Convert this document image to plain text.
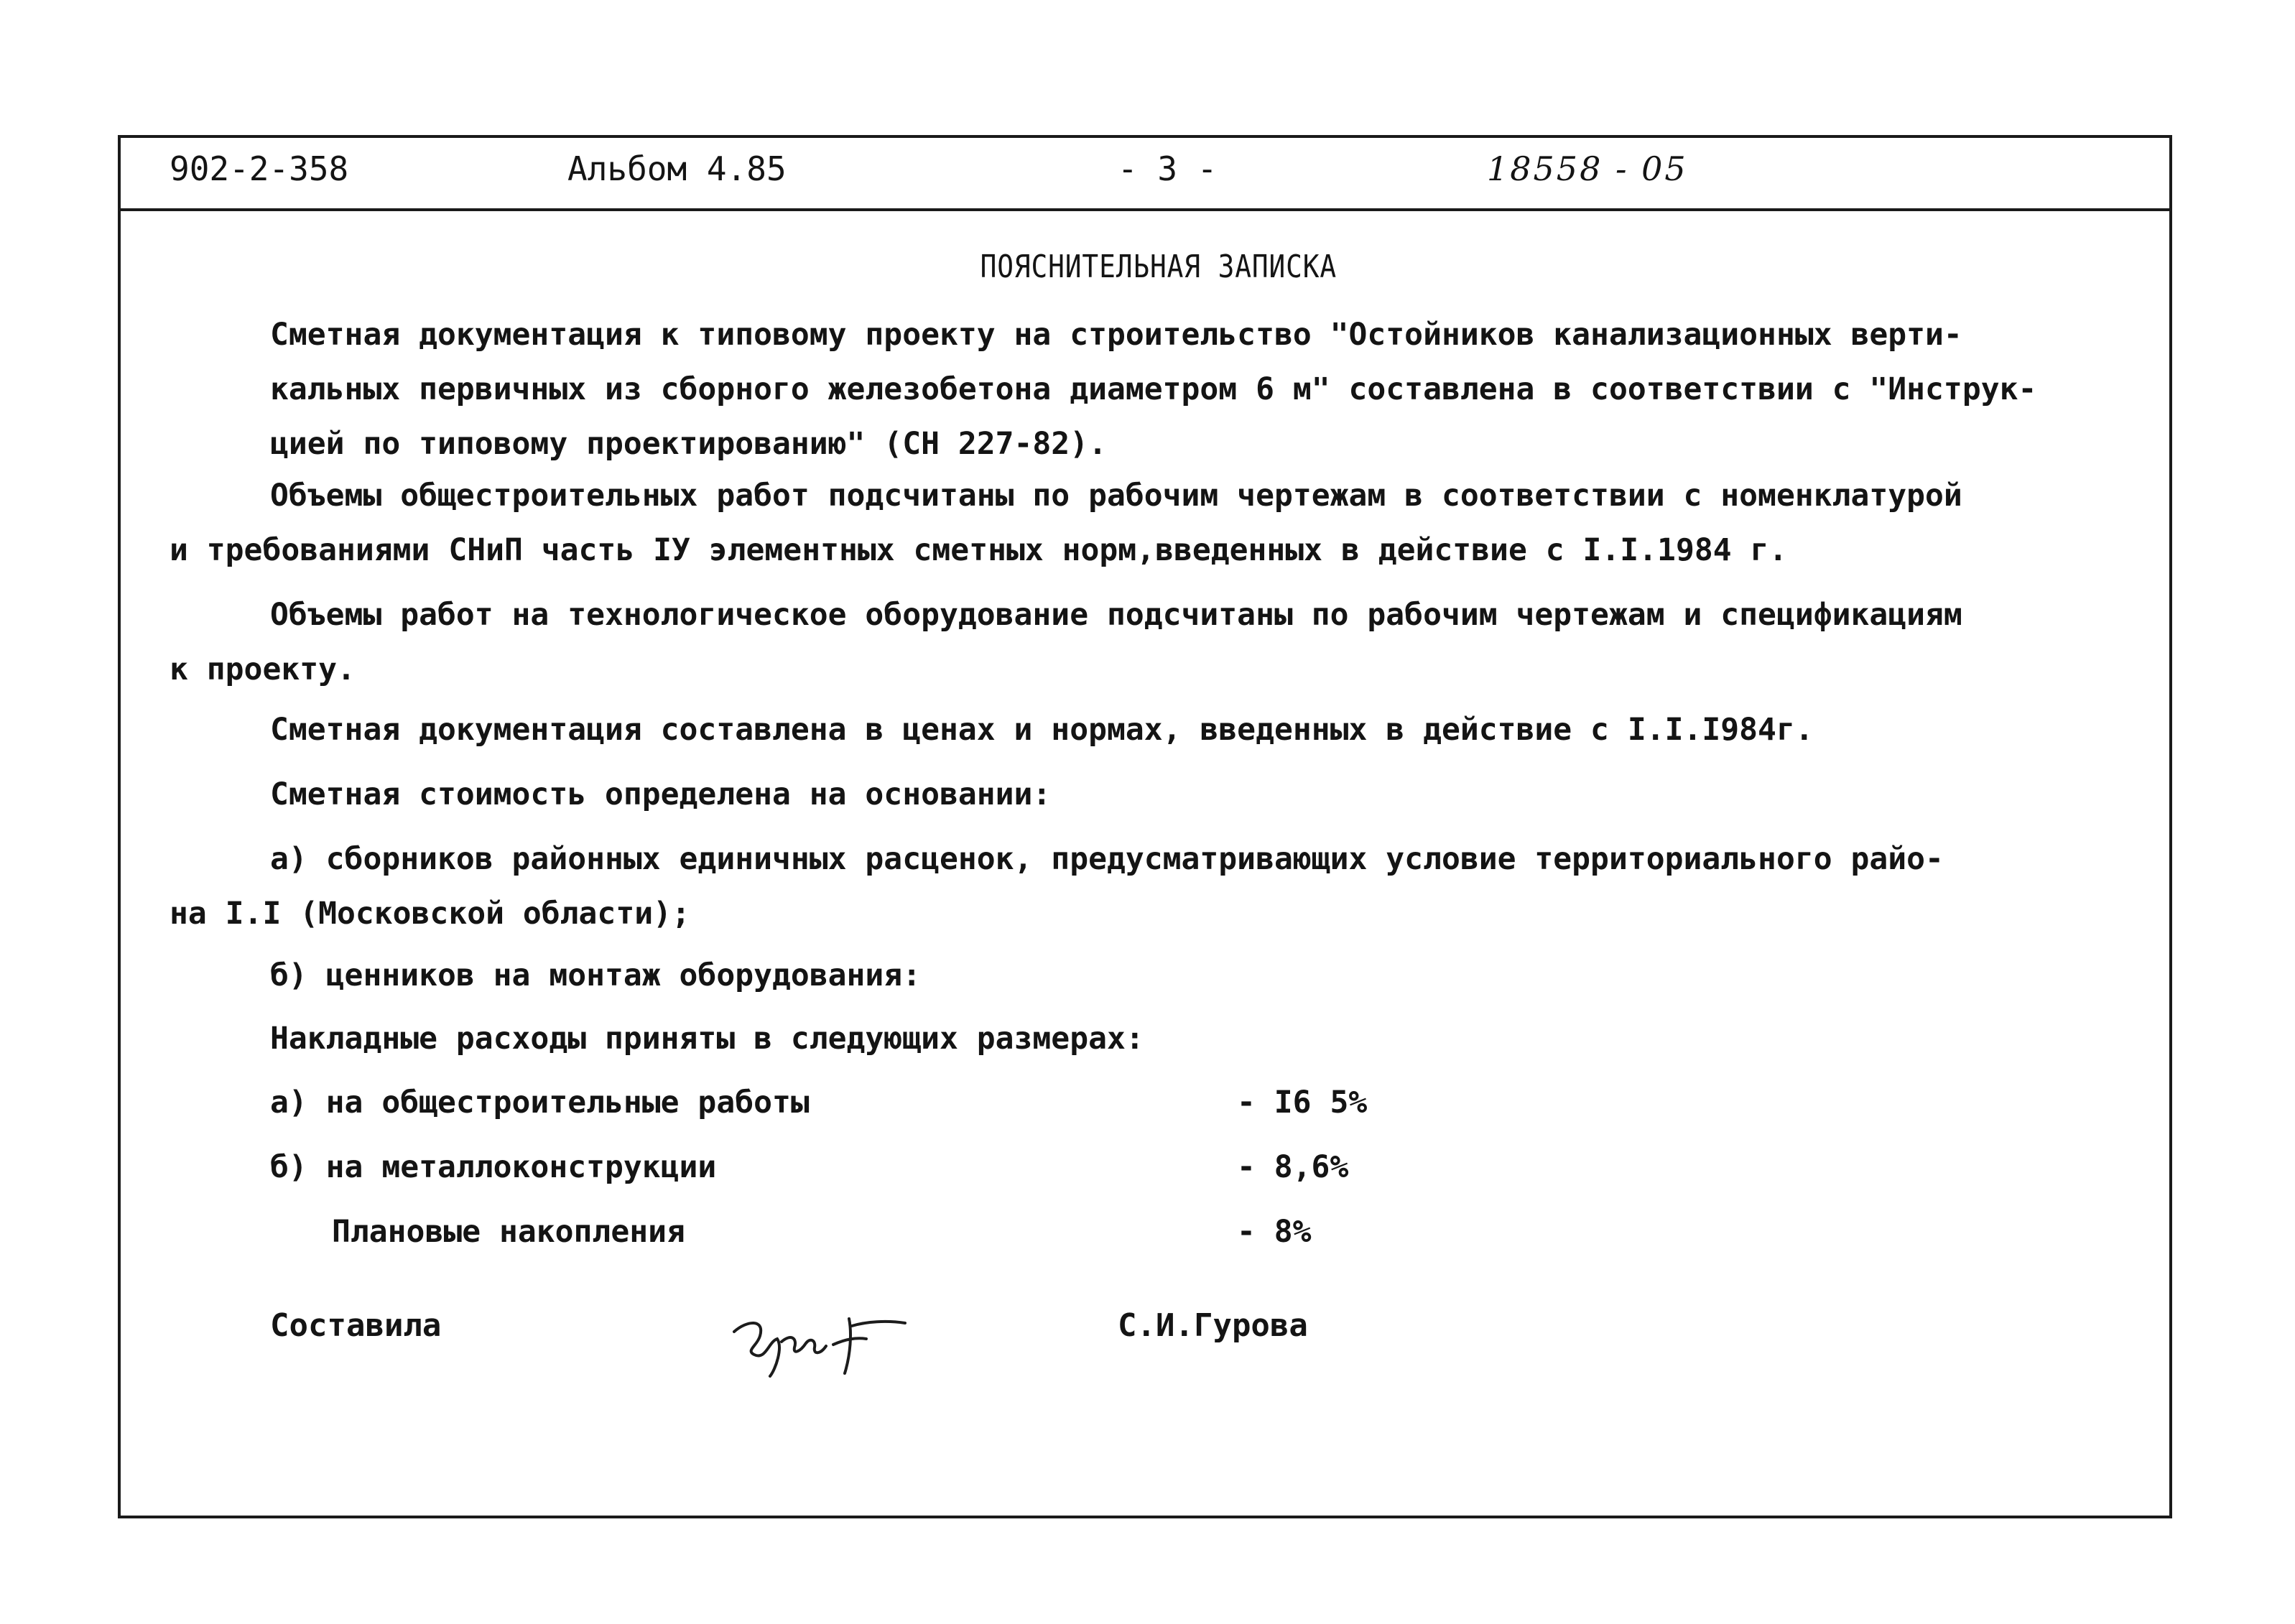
902-2-358	Альбом 4.85	- 3 -	18558 - 05
ПОЯСНИТЕЛЬНАЯ ЗАПИСКА
Сметная документация к типовому проекту на строительство "Остойников канализационных верти-
кальных первичных из сборного железобетона диаметром 6 м" составлена в соответствии с "Инструк-
цией по типовому проектированию" (СН 227-82).
Объемы общестроительных работ подсчитаны по рабочим чертежам в соответствии с номенклатурой
и требованиями СНиП часть IУ элементных сметных норм,введенных в действие с I.I.1984 г.
Объемы работ на технологическое оборудование подсчитаны по рабочим чертежам и спецификациям
к проекту.
Сметная документация составлена в ценах и нормах, введенных в действие с I.I.I984г.
Сметная стоимость определена на основании:
а) сборников районных единичных расценок, предусматривающих условие территориального райо-
на I.I (Московской области);
б) ценников на монтаж оборудования:
Накладные расходы приняты в следующих размерах:
а) на общестроительные работы	- I6 5%
б) на металлоконструкции	- 8,6%
Плановые накопления	- 8%
Составила	С.И.Гурова
